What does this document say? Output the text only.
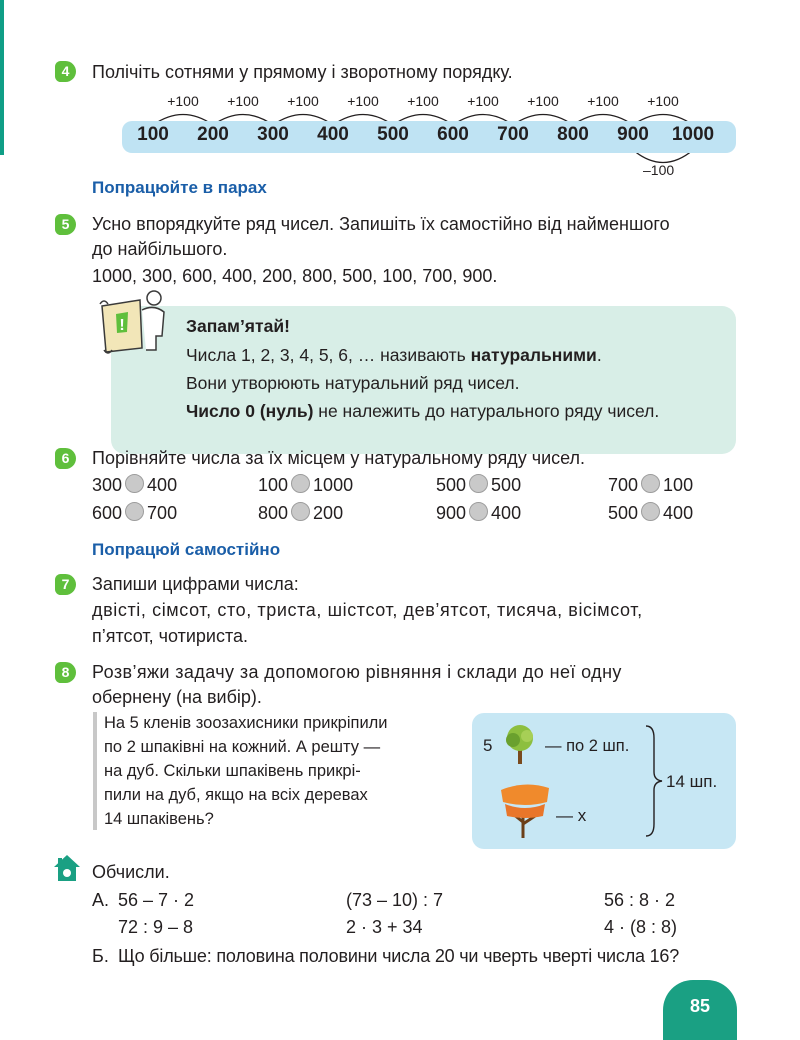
4	Полічіть сотнями у прямому і зворотному порядку.
100	200	300	400	500	600	700	800	900	1000
+100	+100	+100	+100	+100	+100	+100	+100	+100
–100
Попрацюйте в парах
5	Усно впорядкуйте ряд чисел. Запишіть їх самостійно від найменшого
до найбільшого.
1000, 300, 600, 400, 200, 800, 500, 100, 700, 900.
!	Запам’ятай!
Числа 1, 2, 3, 4, 5, 6, … називають натуральними.
Вони утворюють натуральний ряд чисел.
Число 0 (нуль) не належить до натурального ряду чисел.
6	Порівняйте числа за їх місцем у натуральному ряду чисел.
300 400	100 1000	500 500	700 100
600 700	800 200	900 400	500 400
Попрацюй самостійно
7	Запиши цифрами числа:
двісті, сімсот, сто, триста, шістсот, дев’ятсот, тисяча, вісімсот,
п’ятсот, чотириста.
8	Розв’яжи задачу за допомогою рівняння і склади до неї одну
обернену (на вибір).
На 5 кленів зоозахисники прикріпили
по 2 шпаківні на кожний. А решту —
на дуб. Скільки шпаківень прикрі-
пили на дуб, якщо на всіх деревах
14 шпаківень?
5	— по 2 шп.
— x
14 шп.
Обчисли.
А. 56 – 7 · 2	(73 – 10) : 7	56 : 8 · 2
72 : 9 – 8	2 · 3 + 34	4 · (8 : 8)
Б. Що більше: половина половини числа 20 чи чверть чверті числа 16?
85
